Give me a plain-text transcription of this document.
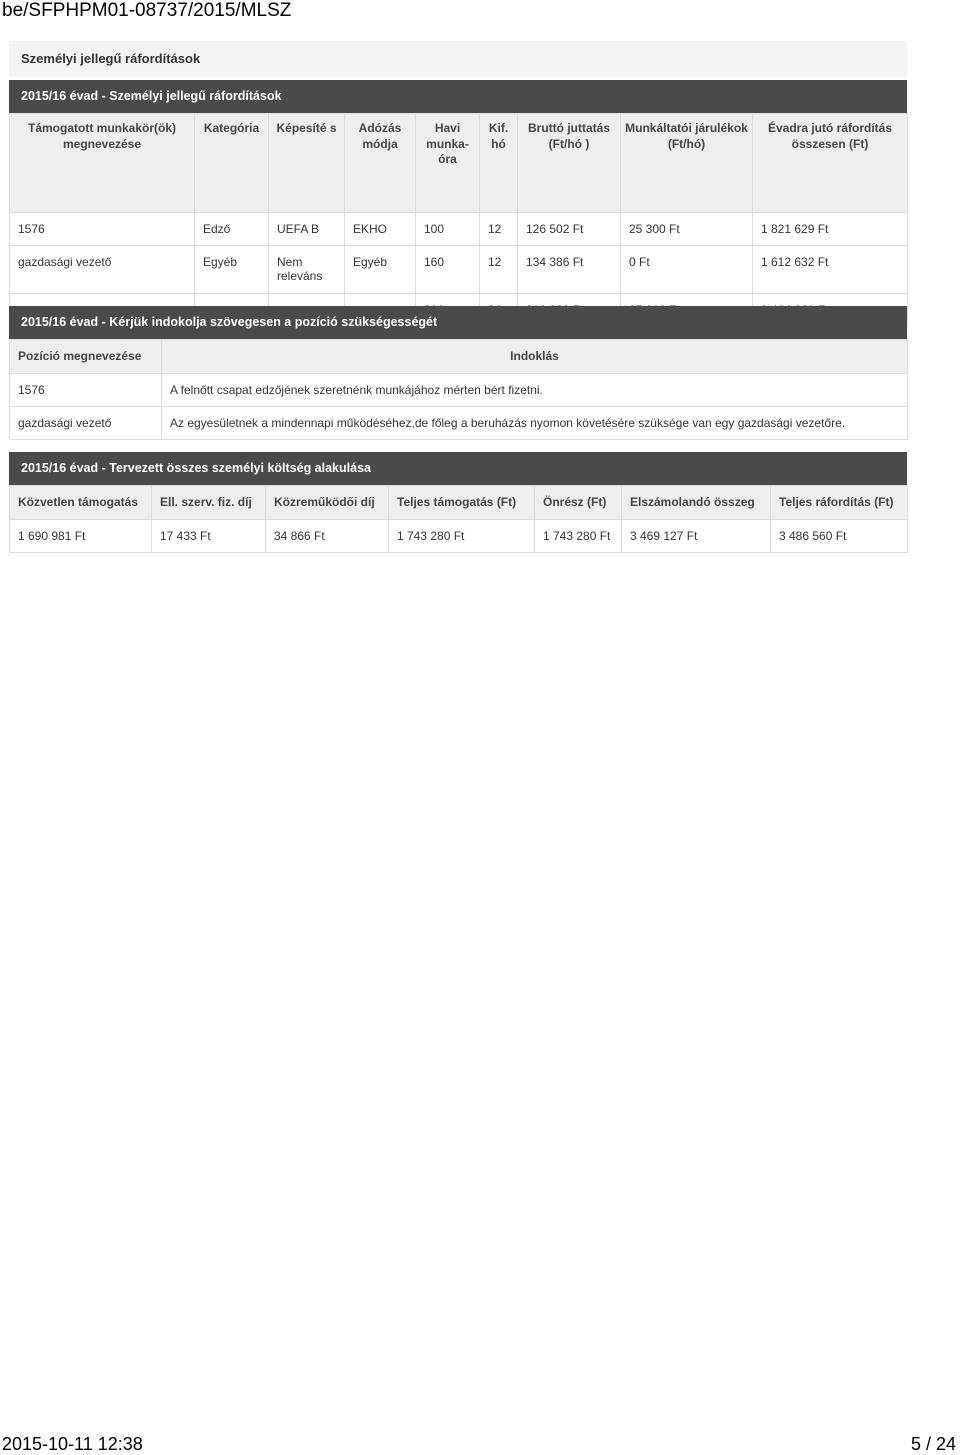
be/SFPHPM01-08737/2015/MLSZ
Személyi jellegű ráfordítások
2015/16 évad - Személyi jellegű ráfordítások
Támogatott munkakör(ök) megnevezése	Kategória	Képesíté s	Adózás módja	Havi munka-óra	Kif. hó	Bruttó juttatás (Ft/hó )	Munkáltatói járulékok (Ft/hó)	Évadra jutó ráfordítás összesen (Ft)
1576	Edző	UEFA B	EKHO	100	12	126 502 Ft	25 300 Ft	1 821 629 Ft
gazdasági vezető	Egyéb	Nem releváns	Egyéb	160	12	134 386 Ft	0 Ft	1 612 632 Ft

2015/16 évad - Kérjük indokolja szövegesen a pozíció szükségességét
Pozíció megnevezése	Indoklás
1576	A felnőtt csapat edzőjének szeretnénk munkájához mérten bért fizetni.
gazdasági vezető	Az egyesületnek a mindennapi működéséhez,de főleg a beruházás nyomon követésére szüksége van egy gazdasági vezetőre.
2015/16 évad - Tervezett összes személyi költség alakulása
Közvetlen támogatás	Ell. szerv. fiz. díj	Közreműködői díj	Teljes támogatás (Ft)	Önrész (Ft)	Elszámolandó összeg	Teljes ráfordítás (Ft)
1 690 981 Ft	17 433 Ft	34 866 Ft	1 743 280 Ft	1 743 280 Ft	3 469 127 Ft	3 486 560 Ft
2015-10-11 12:38	5 / 24
